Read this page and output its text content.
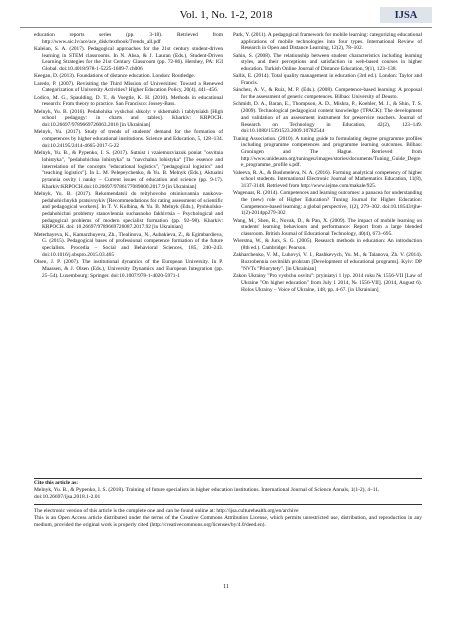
Vol. 1, No. 1-2, 2018	IJSA

education reports series (pp. 3-18). Retrieved from http://www.aic.lv/ace/ace_disk/textbook/Trends_all.pdf

Kaleian, S. A. (2017). Pedagogical approaches for the 21st century student-driven learning in STEM classrooms. In N. Ahsa, & J. Lauran (Eds.), Student-Driven Learning Strategies for the 21st Century Classroom (pp. 72-86). Hershey, PA: IGI Global. doi:10.4018/978-1-5225-1689-7.ch006

Keegan, D. (2013). Foundations of distance education. London: Routledge.

Laredo, P. (2007). Revisiting the Third Mission of Universities: Toward a Renewed Categorization of University Activities? Higher Education Policy, 20(4), 441–456.

Lodico, M. G., Spaulding, D. T., & Voegtle, K. H. (2010). Methods in educational research: From theory to practice. San Francisco: Jossey-Bass.

Melnyk, Yu. B. (2016). Pedahohika vyshchoi shkoly: v skhemakh i tablytsiakh [High school pedagogy: in charts and tables]. Kharkiv: KRPOCH. doi:10.26697/9789669726063.2016 [in Ukrainian]

Melnyk, Yu. (2017). Study of trends of students' demand for the formation of competences by higher educational institutions. Science and Education, 5, 128–134. doi:10.24195/2414-4665-2017-5-22

Melnyk, Yu. B., & Pypenko, I. S. (2017). Sutnist i vzaiemozviazok poniat "osvitnia lohistyka", "pedahohichna lohistyka" ta "navchalna lohistyka" [The essence and interrelation of the concepts "educational logistics", "pedagogical logistics" and "teaching logistics"]. In L. M. Pelepeychenko, & Yu. B. Melnyk (Eds.), Aktualni pytannia osvity i nauky – Current issues of education and science (pp. 9-17). Kharkiv:KRPOCH.doi:10.26697/9786177089000.2017.9 [in Ukrainian]

Melnyk, Yu. B. (2017). Rekomendatsii do reityhovoho otsiniuvannia naukovo-pedahohichnykh pratsivnykiv [Recommendations for rating assessment of scientific and pedagogical workers]. In T. V. Kolbina, & Yu. B. Melnyk (Eds.), Pyshkolsko-pedahohichni problemy stanovlennia suchasnoho fakhivtsia – Psychological and pedagogical problems of modern specialist formation (pp. 92–98). Kharkiv: KRPOCH. doi: 10.26697/9789669726087.2017.92 [in Ukrainian]

Meterbayeva, K., Kamarzhuyeva, Zh., Tlealinova, N., Aubakieva, Z., & Egimbardieva, G. (2015). Pedagogical bases of professional competence formation of the future specialists. Procedia – Social and Behavioral Sciences, 185, 240–243. doi:10.1016/j.sbspro.2015.03.465

Olsen, J. P. (2007). The institutional dynamics of the European University. In P. Maassen, & J. Olsen (Eds.), University Dynamics and European Integration (pp. 25–54). Luxembourg: Springer. doi:10.1007/978-1-4020-5971-1

Park, Y. (2011). A pedagogical framework for mobile learning: categorizing educational applications of mobile technologies into four types. International Review of Research in Open and Distance Learning, 12(2), 78–102.

Sahin, S. (2008). The relationship between student characteristics including learning styles, and their perceptions and satisfaction in web-based courses in higher education. Turkish Online Journal of Distance Education, 9(1), 123–138.

Sallis, E. (2014). Total quality management in education (3rd ed.). London: Taylor and Francis.

Sánchez, A. V., & Ruiz, M. P. (Eds.). (2008). Competence-based learning: A proposal for the assessment of generic competences. Bilbao: University of Deusto.

Schmidt, D. A., Baran, E., Thompson, A. D., Mishra, P., Koehler, M. J., & Shin, T. S. (2009). Technological pedagogical content knowledge (TPACK): The development and validation of an assessment instrument for preservice teachers. Journal of Research on Technology in Education, 42(2), 123–149. doi:10.1080/15391523.2009.10782544

Tuning Association. (2010). A tuning guide to formulating degree programme profiles including programme competences and programme learning outcomes. Bilbao: Groningen and The Hague. Retrieved from http://www.unideusto.org/tuningeu/images/stories/documents/Tuning_Guide_Degree_programme_profile s.pdf.

Valeeva, R. A., & Bushmeleva, N. A. (2016). Forming analytical competency of higher school students. International Electronic Journal of Mathematics Education, 11(8), 3137-3148. Retrieved from http://www.iejme.com/makale/925.

Wagenaar, R. (2014). Competences and learning outcomes: a panacea for understanding the (new) role of Higher Education? Tuning Journal for Higher Education: Competence-based learning: a global perspective, 1(2), 279–302. doi:10.18543/tjhe-1(2)-2014pp279-302

Wang, M., Shen, R., Novak, D., & Pan, X. (2009). The impact of mobile learning on students' learning behaviours and performance: Report from a large blended classroom. British Journal of Educational Technology, 40(4), 673–695.

Wiersma, W., & Jurs, S. G. (2005). Research methods in education: An introduction (8th ed.). Cambridge: Pearson.

Zakharchenko, V. M., Luhovyi, V. I., Rashkevych, Yu. M., & Talanova, Zh. V. (2014). Rozrobennia osvitnikh prohram [Development of educational programs]. Kyiv: DP "NVTs "Priorytety". [in Ukrainian]

Zakon Ukrainy "Pro vyshchu osvitu": pryiniatyi 1 lyp. 2014 roku № 1556-VII [Law of Ukraine "On higher education" from July 1 2014, № 1556-VII]. (2014, August 6). Holos Ukrainy – Voice of Ukraine, 148, pp. 4-67. [in Ukrainian]

Cite this article as:
Melnyk, Yu. B., & Pypenko, I. S. (2018). Training of future specialists in higher education institutions. International Journal of Science Annals, 1(1-2), 4–11. doi:10.26697/ijsa.2018.1-2.01

The electronic version of this article is the complete one and can be found online at: http://ijsa.culturehealth.org/en/archive

This is an Open Access article distributed under the terms of the Creative Commons Attribution License, which permits unrestricted use, distribution, and reproduction in any medium, provided the original work is properly cited (http://creativecommons.org/licenses/by/4.0/deed.en).

11
